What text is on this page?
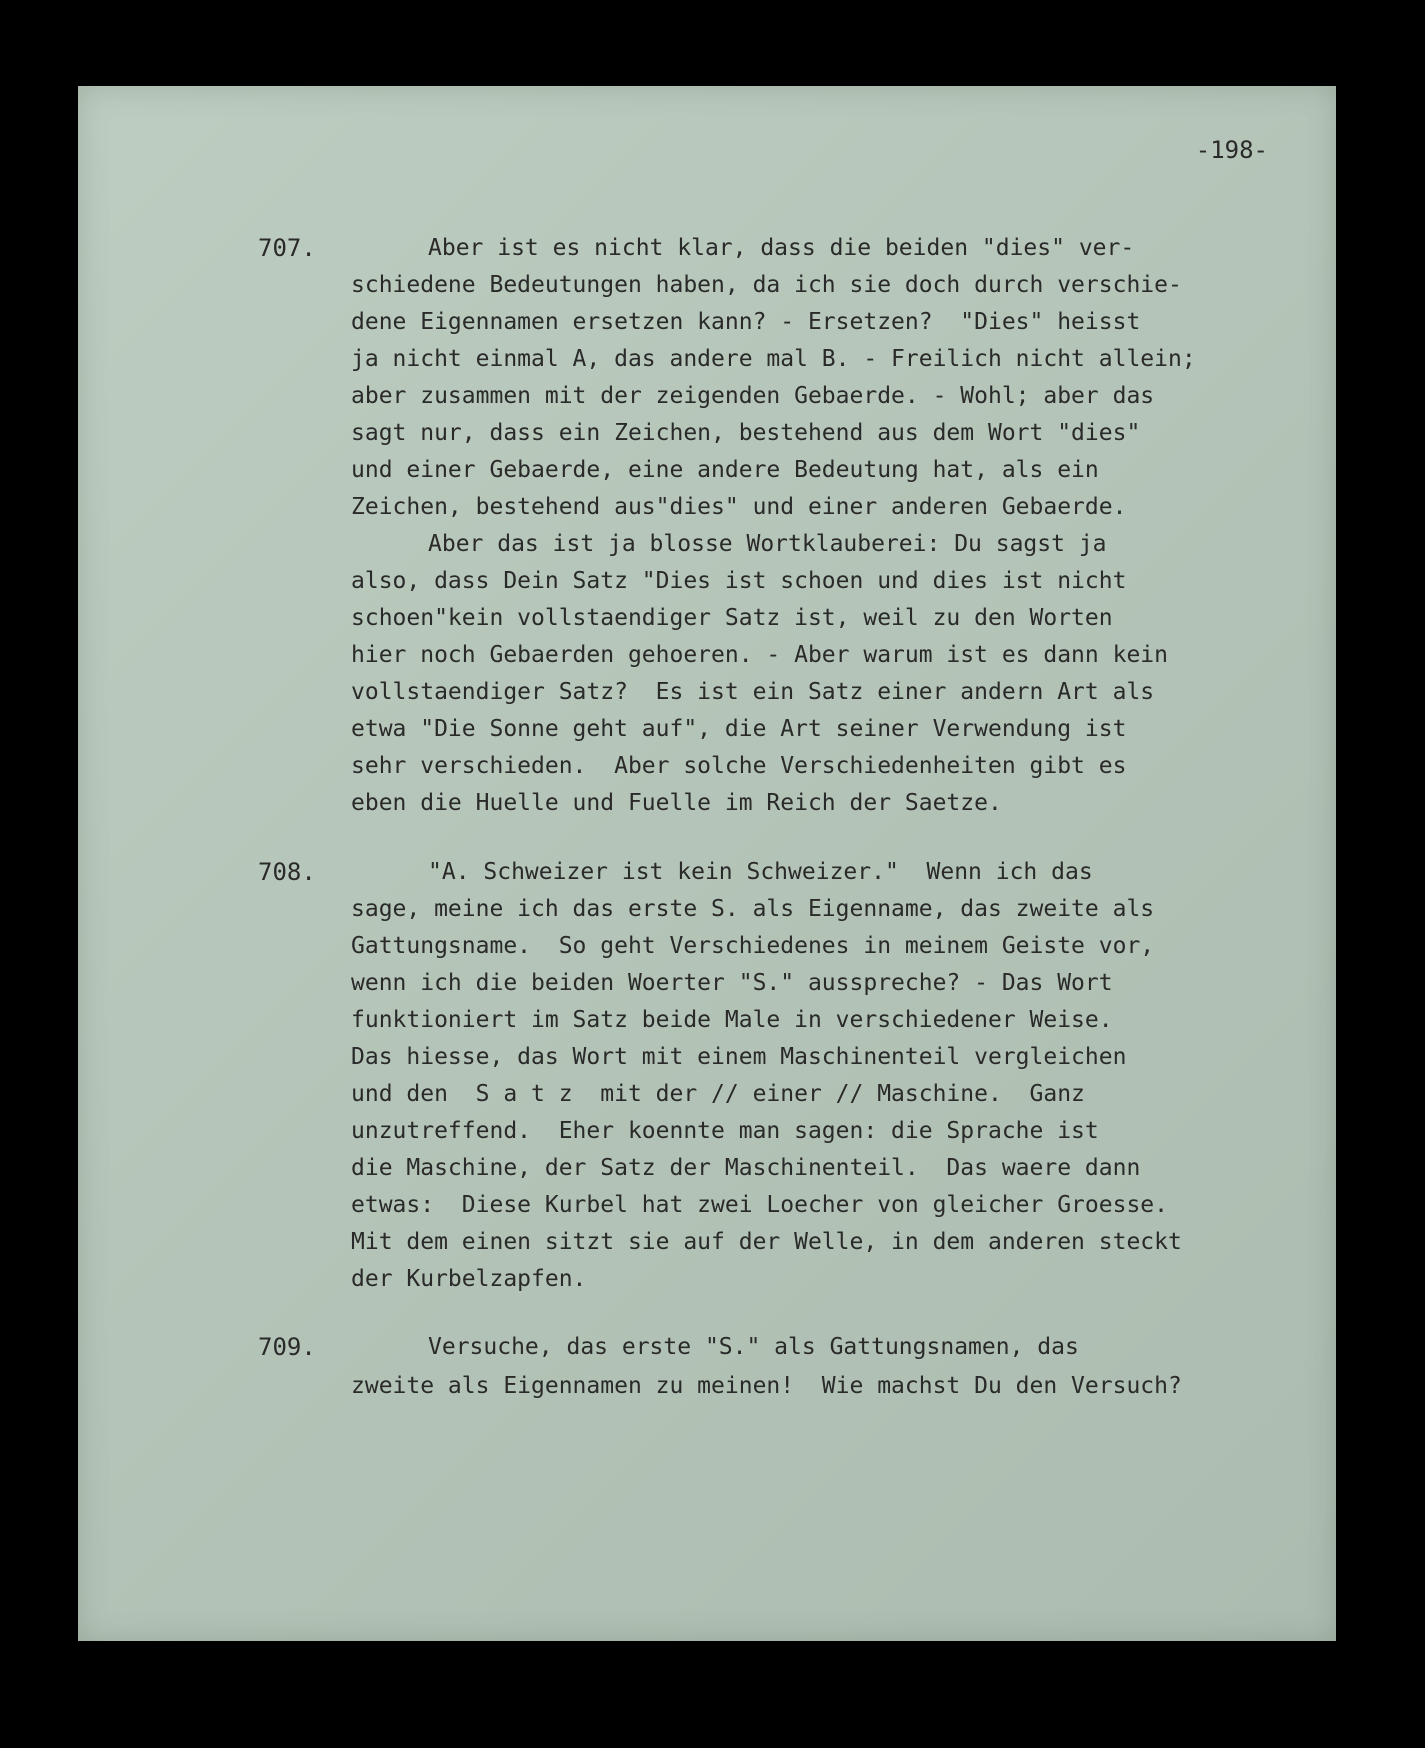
-198-
707.	Aber ist es nicht klar, dass die beiden "dies" ver-
schiedene Bedeutungen haben, da ich sie doch durch verschie-
dene Eigennamen ersetzen kann? - Ersetzen?  "Dies" heisst
ja nicht einmal A, das andere mal B. - Freilich nicht allein;
aber zusammen mit der zeigenden Gebaerde. - Wohl; aber das
sagt nur, dass ein Zeichen, bestehend aus dem Wort "dies"
und einer Gebaerde, eine andere Bedeutung hat, als ein
Zeichen, bestehend aus"dies" und einer anderen Gebaerde.
Aber das ist ja blosse Wortklauberei: Du sagst ja
also, dass Dein Satz "Dies ist schoen und dies ist nicht
schoen"kein vollstaendiger Satz ist, weil zu den Worten
hier noch Gebaerden gehoeren. - Aber warum ist es dann kein
vollstaendiger Satz?  Es ist ein Satz einer andern Art als
etwa "Die Sonne geht auf", die Art seiner Verwendung ist
sehr verschieden.  Aber solche Verschiedenheiten gibt es
eben die Huelle und Fuelle im Reich der Saetze.
708.	"A. Schweizer ist kein Schweizer."  Wenn ich das
sage, meine ich das erste S. als Eigenname, das zweite als
Gattungsname.  So geht Verschiedenes in meinem Geiste vor,
wenn ich die beiden Woerter "S." ausspreche? - Das Wort
funktioniert im Satz beide Male in verschiedener Weise.
Das hiesse, das Wort mit einem Maschinenteil vergleichen
und den  S a t z  mit der // einer // Maschine.  Ganz
unzutreffend.  Eher koennte man sagen: die Sprache ist
die Maschine, der Satz der Maschinenteil.  Das waere dann
etwas:  Diese Kurbel hat zwei Loecher von gleicher Groesse.
Mit dem einen sitzt sie auf der Welle, in dem anderen steckt
der Kurbelzapfen.
709.	Versuche, das erste "S." als Gattungsnamen, das
zweite als Eigennamen zu meinen!  Wie machst Du den Versuch?
